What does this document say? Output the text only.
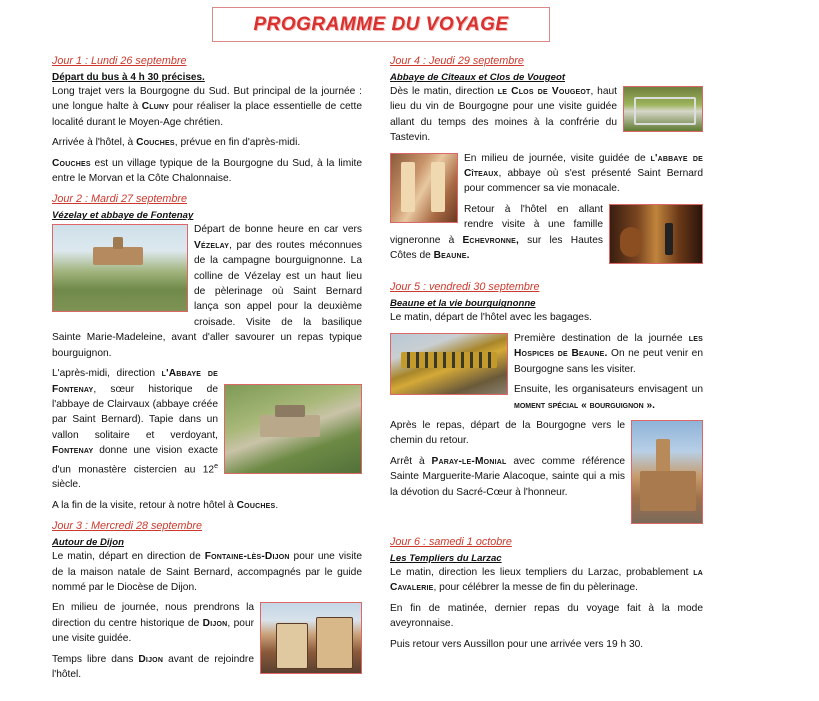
PROGRAMME DU VOYAGE
Jour 1 : Lundi 26 septembre
Départ du bus à 4 h 30 précises.

Long trajet vers la Bourgogne du Sud. But principal de la journée : une longue halte à Cluny pour réaliser la place essentielle de cette localité durant le Moyen-Age chrétien.

Arrivée à l'hôtel, à Couches, prévue en fin d'après-midi.

Couches est un village typique de la Bourgogne du Sud, à la limite entre le Morvan et la Côte Chalonnaise.

Jour 2 : Mardi 27 septembre
Vézelay et abbaye de Fontenay

Départ de bonne heure en car vers Vézelay, par des routes méconnues de la campagne bourguignonne. La colline de Vézelay est un haut lieu de pèlerinage où Saint Bernard lança son appel pour la deuxième croisade. Visite de la basilique Sainte Marie-Madeleine, avant d'aller savourer un repas typique bourguignon.

L'après-midi, direction l'Abbaye de Fontenay, sœur historique de l'abbaye de Clairvaux (abbaye créée par Saint Bernard). Tapie dans un vallon solitaire et verdoyant, Fontenay donne une vision exacte d'un monastère cistercien au 12e siècle.

A la fin de la visite, retour à notre hôtel à Couches.

Jour 3 : Mercredi 28 septembre
Autour de Dijon

Le matin, départ en direction de Fontaine-lès-Dijon pour une visite de la maison natale de Saint Bernard, accompagnés par le guide nommé par le Diocèse de Dijon.

En milieu de journée, nous prendrons la direction du centre historique de Dijon, pour une visite guidée.

Temps libre dans Dijon avant de rejoindre l'hôtel.

Jour 4 : Jeudi 29 septembre
Abbaye de Cîteaux et Clos de Vougeot

Dès le matin, direction le Clos de Vougeot, haut lieu du vin de Bourgogne pour une visite guidée allant du temps des moines à la confrérie du Tastevin.

En milieu de journée, visite guidée de l'abbaye de Cîteaux, abbaye où s'est présenté Saint Bernard pour commencer sa vie monacale.

Retour à l'hôtel en allant rendre visite à une famille vigneronne à Echevronne, sur les Hautes Côtes de Beaune.

Jour 5 : vendredi 30 septembre
Beaune et la vie bourguignonne

Le matin, départ de l'hôtel avec les bagages.

Première destination de la journée les Hospices de Beaune. On ne peut venir en Bourgogne sans les visiter.

Ensuite, les organisateurs envisagent un moment spécial « bourguignon ».

Après le repas, départ de la Bourgogne vers le chemin du retour.

Arrêt à Paray-le-Monial avec comme référence Sainte Marguerite-Marie Alacoque, sainte qui a mis la dévotion du Sacré-Cœur à l'honneur.

Jour 6 : samedi 1 octobre
Les Templiers du Larzac

Le matin, direction les lieux templiers du Larzac, probablement la Cavalerie, pour célébrer la messe de fin du pèlerinage.

En fin de matinée, dernier repas du voyage fait à la mode aveyronnaise.

Puis retour vers Aussillon pour une arrivée vers 19 h 30.
